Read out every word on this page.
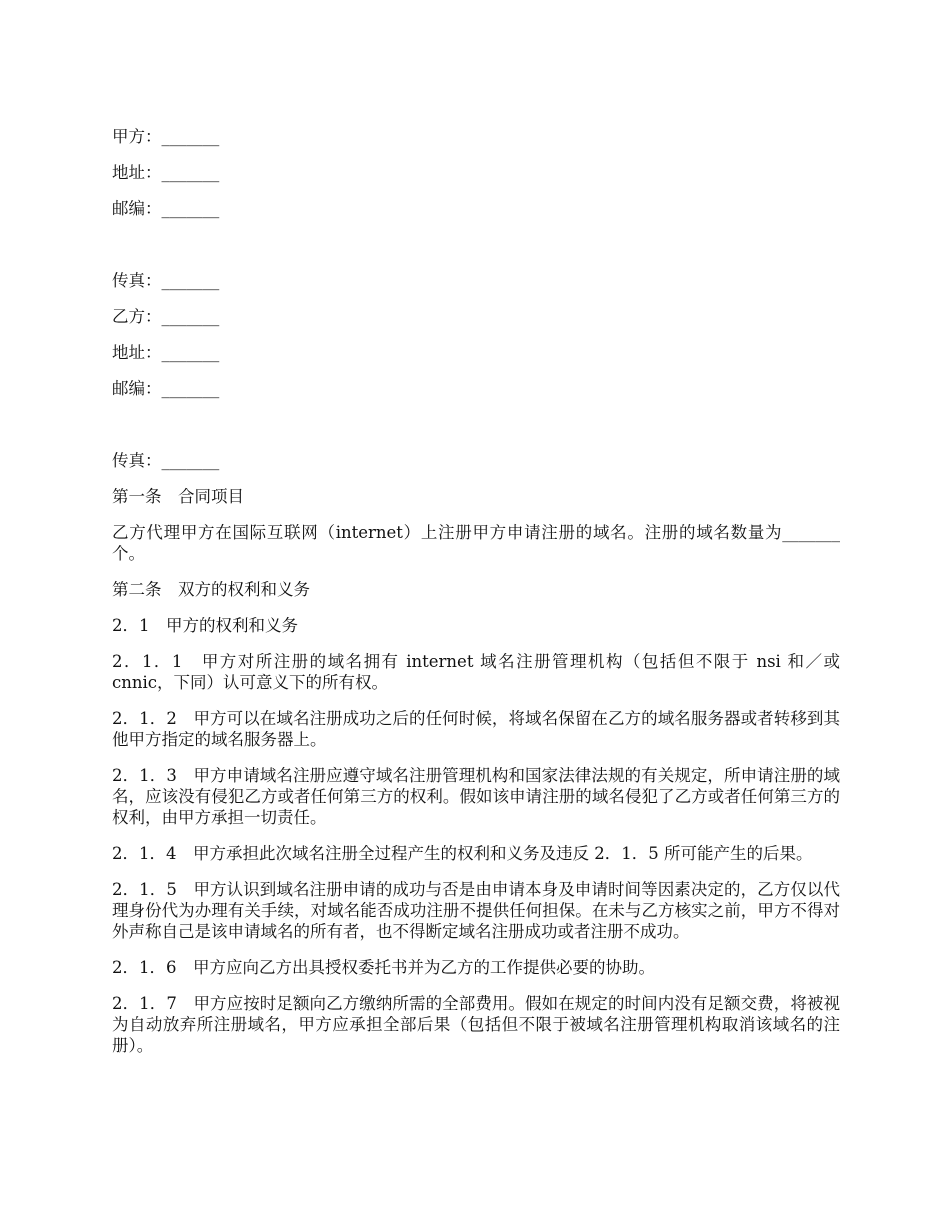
甲方：_______
地址：_______
邮编：_______
传真：_______
乙方：_______
地址：_______
邮编：_______
传真：_______
第一条　合同项目
乙方代理甲方在国际互联网（internet）上注册甲方申请注册的域名。注册的域名数量为_______个。
第二条　双方的权利和义务
2．1　甲方的权利和义务
2．1．1　甲方对所注册的域名拥有 internet 域名注册管理机构（包括但不限于 nsi 和／或 cnnic，下同）认可意义下的所有权。
2．1．2　甲方可以在域名注册成功之后的任何时候，将域名保留在乙方的域名服务器或者转移到其他甲方指定的域名服务器上。
2．1．3　甲方申请域名注册应遵守域名注册管理机构和国家法律法规的有关规定，所申请注册的域名，应该没有侵犯乙方或者任何第三方的权利。假如该申请注册的域名侵犯了乙方或者任何第三方的权利，由甲方承担一切责任。
2．1．4　甲方承担此次域名注册全过程产生的权利和义务及违反 2．1．5 所可能产生的后果。
2．1．5　甲方认识到域名注册申请的成功与否是由申请本身及申请时间等因素决定的，乙方仅以代理身份代为办理有关手续，对域名能否成功注册不提供任何担保。在未与乙方核实之前，甲方不得对外声称自己是该申请域名的所有者，也不得断定域名注册成功或者注册不成功。
2．1．6　甲方应向乙方出具授权委托书并为乙方的工作提供必要的协助。
2．1．7　甲方应按时足额向乙方缴纳所需的全部费用。假如在规定的时间内没有足额交费，将被视为自动放弃所注册域名，甲方应承担全部后果（包括但不限于被域名注册管理机构取消该域名的注册）。
